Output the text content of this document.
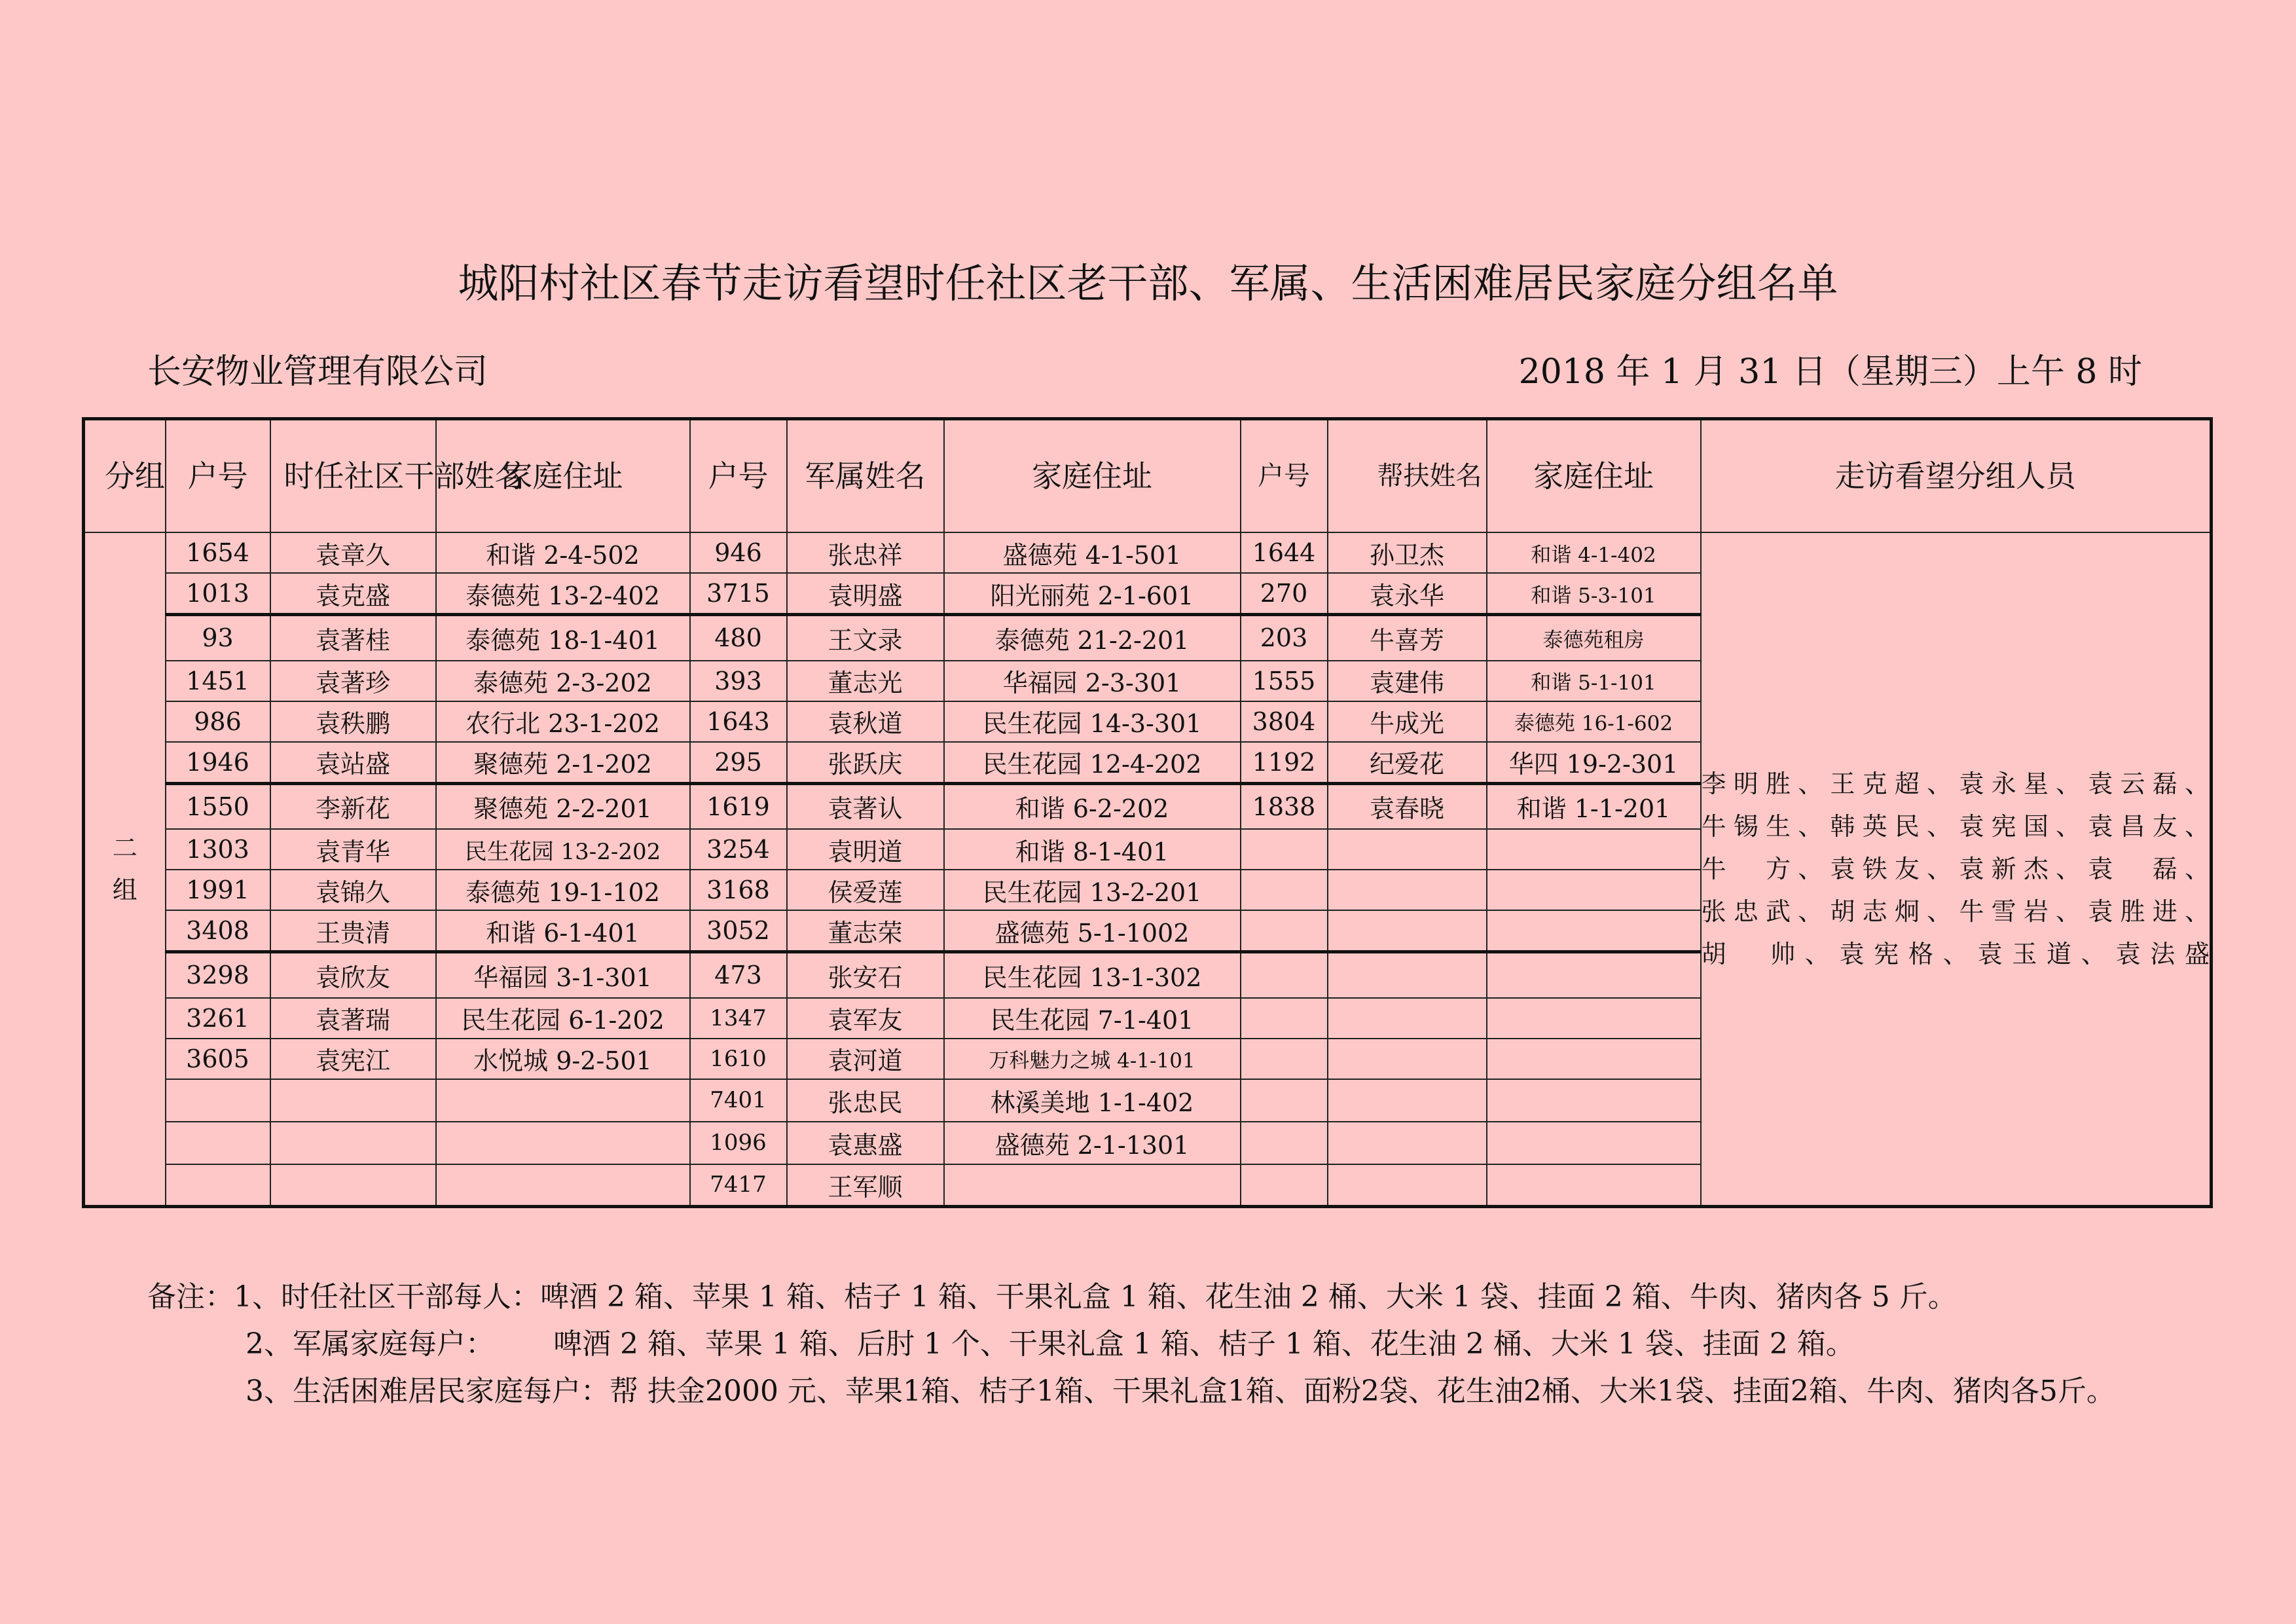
城阳村社区春节走访看望时任社区老干部、军属、生活困难居民家庭分组名单
长安物业管理有限公司	2018 年 1 月 31 日（星期三）上午 8 时
分组	户号	时任社区干部姓名	家庭住址	户号	军属姓名	家庭住址	户号	帮扶姓名	家庭住址	走访看望分组人员
二组	1654	袁章久	和谐 2-4-502	946	张忠祥	盛德苑 4-1-501	1644	孙卫杰	和谐 4-1-402	李明胜、王克超、袁永星、袁云磊、
牛锡生、韩英民、袁宪国、袁昌友、
牛　方、袁铁友、袁新杰、袁　磊、
张忠武、胡志炯、牛雪岩、袁胜进、
胡　帅、袁宪格、袁玉道、袁法盛

	1013	袁克盛	泰德苑 13-2-402	3715	袁明盛	阳光丽苑 2-1-601	270	袁永华	和谐 5-3-101	
	93	袁著桂	泰德苑 18-1-401	480	王文录	泰德苑 21-2-201	203	牛喜芳	泰德苑租房	
	1451	袁著珍	泰德苑 2-3-202	393	董志光	华福园 2-3-301	1555	袁建伟	和谐 5-1-101	
	986	袁秩鹏	农行北 23-1-202	1643	袁秋道	民生花园 14-3-301	3804	牛成光	泰德苑 16-1-602	
	1946	袁站盛	聚德苑 2-1-202	295	张跃庆	民生花园 12-4-202	1192	纪爱花	华四 19-2-301	
	1550	李新花	聚德苑 2-2-201	1619	袁著认	和谐 6-2-202	1838	袁春晓	和谐 1-1-201	
	1303	袁青华	民生花园 13-2-202	3254	袁明道	和谐 8-1-401				
	1991	袁锦久	泰德苑 19-1-102	3168	侯爱莲	民生花园 13-2-201				
	3408	王贵清	和谐 6-1-401	3052	董志荣	盛德苑 5-1-1002				
	3298	袁欣友	华福园 3-1-301	473	张安石	民生花园 13-1-302				
	3261	袁著瑞	民生花园 6-1-202	1347	袁军友	民生花园 7-1-401				
	3605	袁宪江	水悦城 9-2-501	1610	袁河道	万科魅力之城 4-1-101				
				7401	张忠民	林溪美地 1-1-402				
				1096	袁惠盛	盛德苑 2-1-1301				
				7417	王军顺					
备注：1、时任社区干部每人：啤酒 2 箱、苹果 1 箱、桔子 1 箱、干果礼盒 1 箱、花生油 2 桶、大米 1 袋、挂面 2 箱、牛肉、猪肉各 5 斤。
2、军属家庭每户： 啤酒 2 箱、苹果 1 箱、后肘 1 个、干果礼盒 1 箱、桔子 1 箱、花生油 2 桶、大米 1 袋、挂面 2 箱。
3、生活困难居民家庭每户：帮 扶金2000 元、苹果1箱、桔子1箱、干果礼盒1箱、面粉2袋、花生油2桶、大米1袋、挂面2箱、牛肉、猪肉各5斤。
